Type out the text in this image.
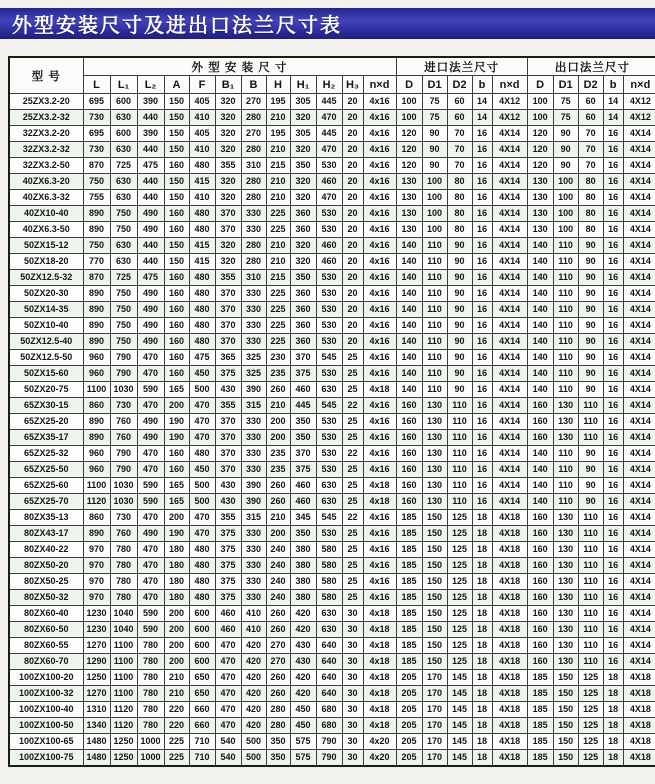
外型安装尺寸及进出口法兰尺寸表
型 号	外 型 安 装 尺 寸												进口法兰尺寸					出口法兰尺寸				
	L	L₁	L₂	A	F	B₁	B	H	H₁	H₂	H₃	n×d	D	D1	D2	b	n×d	D	D1	D2	b	n×d
25ZX3.2-20	695	600	390	150	405	320	270	195	305	445	20	4x16	100	75	60	14	4X12	100	75	60	14	4X12
25ZX3.2-32	730	630	440	150	410	320	280	210	320	470	20	4x16	100	75	60	14	4X12	100	75	60	14	4X12
32ZX3.2-20	695	600	390	150	405	320	270	195	305	445	20	4x16	120	90	70	16	4X14	120	90	70	16	4X14
32ZX3.2-32	730	630	440	150	410	320	280	210	320	470	20	4x16	120	90	70	16	4X14	120	90	70	16	4X14
32ZX3.2-50	870	725	475	160	480	355	310	215	350	530	20	4x16	120	90	70	16	4X14	120	90	70	16	4X14
40ZX6.3-20	750	630	440	150	415	320	280	210	320	460	20	4x16	130	100	80	16	4X14	130	100	80	16	4X14
40ZX6.3-32	755	630	440	150	410	320	280	210	320	470	20	4x16	130	100	80	16	4X14	130	100	80	16	4X14
40ZX10-40	890	750	490	160	480	370	330	225	360	530	20	4x16	130	100	80	16	4X14	130	100	80	16	4X14
40ZX6.3-50	890	750	490	160	480	370	330	225	360	530	20	4x16	130	100	80	16	4X14	130	100	80	16	4X14
50ZX15-12	750	630	440	150	415	320	280	210	320	460	20	4x16	140	110	90	16	4X14	140	110	90	16	4X14
50ZX18-20	770	630	440	150	415	320	280	210	320	460	20	4x16	140	110	90	16	4X14	140	110	90	16	4X14
50ZX12.5-32	870	725	475	160	480	355	310	215	350	530	20	4x16	140	110	90	16	4X14	140	110	90	16	4X14
50ZX20-30	890	750	490	160	480	370	330	225	360	530	20	4x16	140	110	90	16	4X14	140	110	90	16	4X14
50ZX14-35	890	750	490	160	480	370	330	225	360	530	20	4x16	140	110	90	16	4X14	140	110	90	16	4X14
50ZX10-40	890	750	490	160	480	370	330	225	360	530	20	4x16	140	110	90	16	4X14	140	110	90	16	4X14
50ZX12.5-40	890	750	490	160	480	370	330	225	360	530	20	4x16	140	110	90	16	4X14	140	110	90	16	4X14
50ZX12.5-50	960	790	470	160	475	365	325	230	370	545	25	4x16	140	110	90	16	4X14	140	110	90	16	4X14
50ZX15-60	960	790	470	160	450	375	325	235	375	530	25	4x16	140	110	90	16	4X14	140	110	90	16	4X14
50ZX20-75	1100	1030	590	165	500	430	390	260	460	630	25	4x18	140	110	90	16	4X14	140	110	90	16	4X14
65ZX30-15	860	730	470	200	470	355	315	210	445	545	22	4x16	160	130	110	16	4X14	160	130	110	16	4X14
65ZX25-20	890	760	490	190	470	370	330	200	350	530	25	4x16	160	130	110	16	4X14	160	130	110	16	4X14
65ZX35-17	890	760	490	190	470	370	330	200	350	530	25	4x16	160	130	110	16	4X14	160	130	110	16	4X14
65ZX25-32	960	790	470	160	480	370	330	235	370	530	22	4x16	160	130	110	16	4X14	140	110	90	16	4X14
65ZX25-50	960	790	470	160	450	370	330	235	375	530	25	4x16	160	130	110	16	4X14	140	110	90	16	4X14
65ZX25-60	1100	1030	590	165	500	430	390	260	460	630	25	4x18	160	130	110	16	4X14	140	110	90	16	4X14
65ZX25-70	1120	1030	590	165	500	430	390	260	460	630	25	4x18	160	130	110	16	4X14	140	110	90	16	4X14
80ZX35-13	860	730	470	200	470	355	315	210	345	545	22	4x16	185	150	125	18	4X18	160	130	110	16	4X14
80ZX43-17	890	760	490	190	470	375	330	200	350	530	25	4x16	185	150	125	18	4X18	160	130	110	16	4X14
80ZX40-22	970	780	470	180	480	375	330	240	380	580	25	4x16	185	150	125	18	4X18	160	130	110	16	4X14
80ZX50-20	970	780	470	180	480	375	330	240	380	580	25	4x16	185	150	125	18	4X18	160	130	110	16	4X14
80ZX50-25	970	780	470	180	480	375	330	240	380	580	25	4x16	185	150	125	18	4X18	160	130	110	16	4X14
80ZX50-32	970	780	470	180	480	375	330	240	380	580	25	4x16	185	150	125	18	4X18	160	130	110	16	4X14
80ZX60-40	1230	1040	590	200	600	460	410	260	420	630	30	4x18	185	150	125	18	4X18	160	130	110	16	4X14
80ZX60-50	1230	1040	590	200	600	460	410	260	420	630	30	4x18	185	150	125	18	4X18	160	130	110	16	4X14
80ZX60-55	1270	1100	780	200	600	470	420	270	430	640	30	4x18	185	150	125	18	4X18	160	130	110	16	4X14
80ZX60-70	1290	1100	780	200	600	470	420	270	430	640	30	4x18	185	150	125	18	4X18	160	130	110	16	4X14
100ZX100-20	1250	1100	780	210	650	470	420	260	420	640	30	4x18	205	170	145	18	4X18	185	150	125	18	4X18
100ZX100-32	1270	1100	780	210	650	470	420	260	420	640	30	4x18	205	170	145	18	4X18	185	150	125	18	4X18
100ZX100-40	1310	1120	780	220	660	470	420	280	450	680	30	4x18	205	170	145	18	4X18	185	150	125	18	4X18
100ZX100-50	1340	1120	780	220	660	470	420	280	450	680	30	4x18	205	170	145	18	4X18	185	150	125	18	4X18
100ZX100-65	1480	1250	1000	225	710	540	500	350	575	790	30	4x20	205	170	145	18	4X18	185	150	125	18	4X18
100ZX100-75	1480	1250	1000	225	710	540	500	350	575	790	30	4x20	205	170	145	18	4X18	185	150	125	18	4X18
